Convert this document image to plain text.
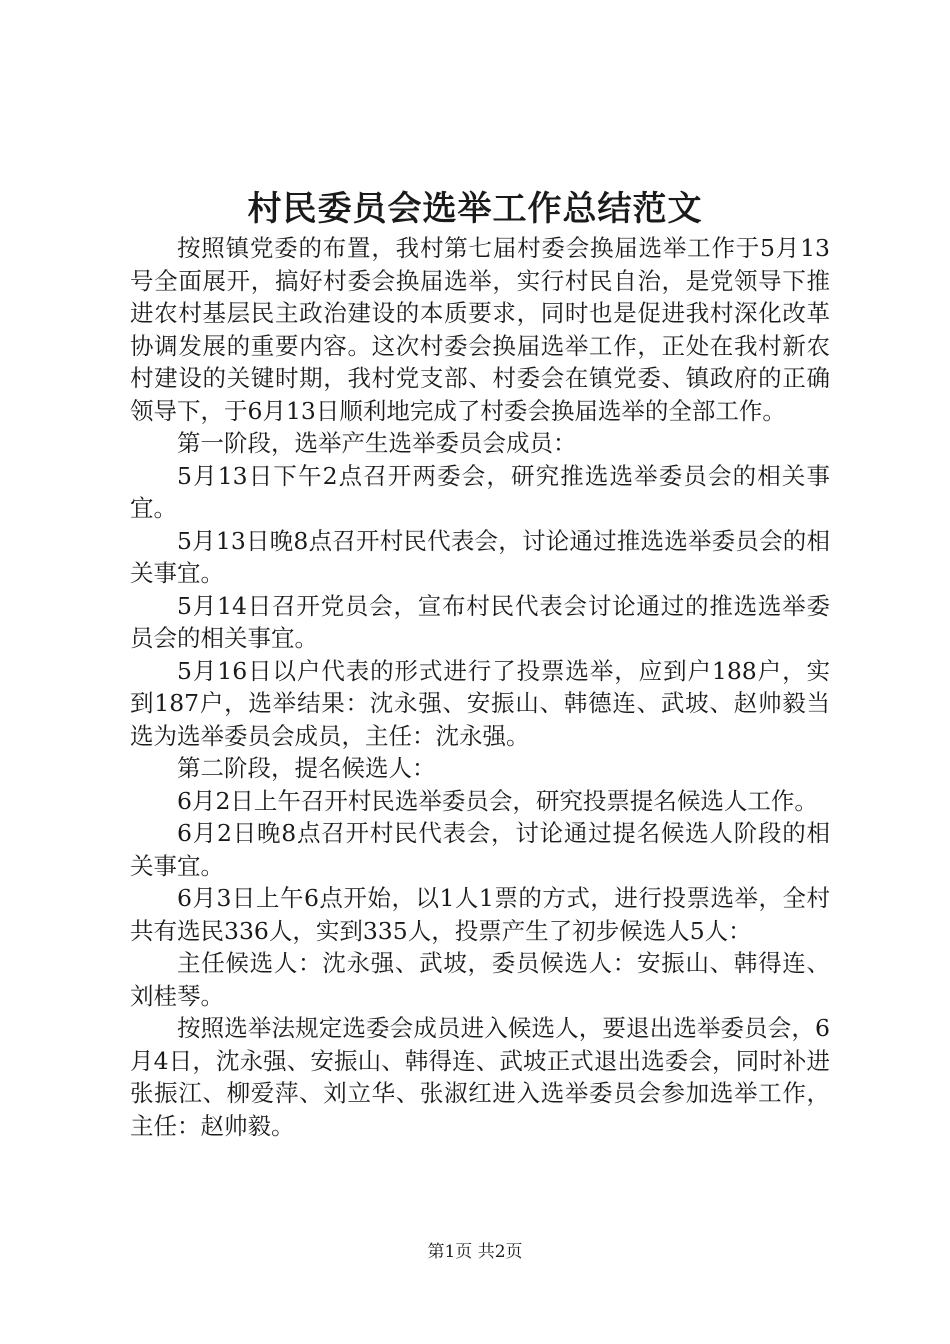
村民委员会选举工作总结范文

按照镇党委的布置，我村第七届村委会换届选举工作于5月13号全面展开，搞好村委会换届选举，实行村民自治，是党领导下推进农村基层民主政治建设的本质要求，同时也是促进我村深化改革协调发展的重要内容。这次村委会换届选举工作，正处在我村新农村建设的关键时期，我村党支部、村委会在镇党委、镇政府的正确领导下，于6月13日顺利地完成了村委会换届选举的全部工作。

第一阶段，选举产生选举委员会成员：

5月13日下午2点召开两委会，研究推选选举委员会的相关事宜。

5月13日晚8点召开村民代表会，讨论通过推选选举委员会的相关事宜。

5月14日召开党员会，宣布村民代表会讨论通过的推选选举委员会的相关事宜。

5月16日以户代表的形式进行了投票选举，应到户188户，实到187户，选举结果：沈永强、安振山、韩德连、武坡、赵帅毅当选为选举委员会成员，主任：沈永强。

第二阶段，提名候选人：

6月2日上午召开村民选举委员会，研究投票提名候选人工作。

6月2日晚8点召开村民代表会，讨论通过提名候选人阶段的相关事宜。

6月3日上午6点开始，以1人1票的方式，进行投票选举，全村共有选民336人，实到335人，投票产生了初步候选人5人：

主任候选人：沈永强、武坡，委员候选人：安振山、韩得连、刘桂琴。

按照选举法规定选委会成员进入候选人，要退出选举委员会，6月4日，沈永强、安振山、韩得连、武坡正式退出选委会，同时补进张振江、柳爱萍、刘立华、张淑红进入选举委员会参加选举工作，主任：赵帅毅。

第1页 共2页
